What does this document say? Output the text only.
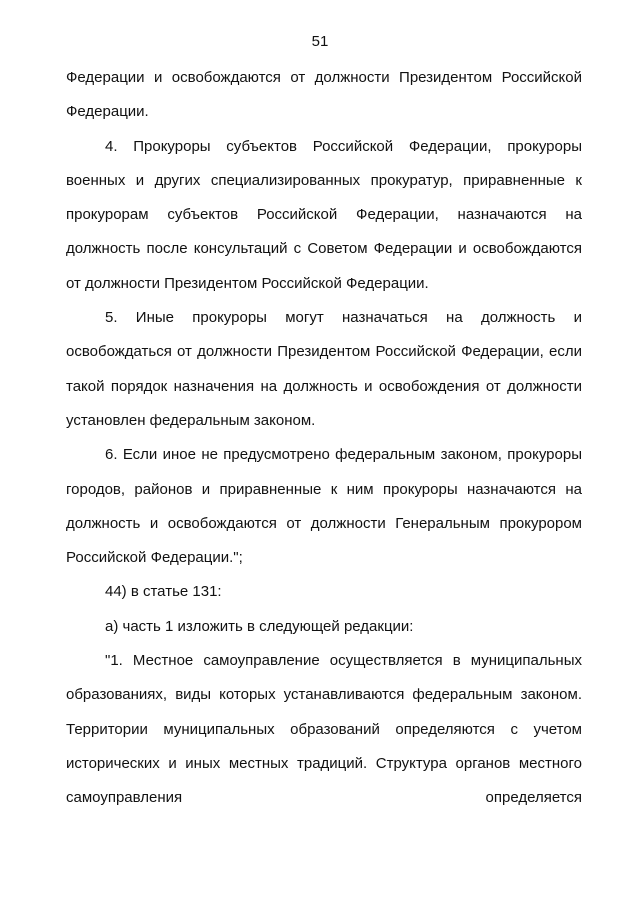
51

Федерации и освобождаются от должности Президентом Российской Федерации.

4. Прокуроры субъектов Российской Федерации, прокуроры военных и других специализированных прокуратур, приравненные к прокурорам субъектов Российской Федерации, назначаются на должность после консультаций с Советом Федерации и освобождаются от должности Президентом Российской Федерации.

5. Иные прокуроры могут назначаться на должность и освобождаться от должности Президентом Российской Федерации, если такой порядок назначения на должность и освобождения от должности установлен федеральным законом.

6. Если иное не предусмотрено федеральным законом, прокуроры городов, районов и приравненные к ним прокуроры назначаются на должность и освобождаются от должности Генеральным прокурором Российской Федерации.";

44) в статье 131:

а) часть 1 изложить в следующей редакции:

"1. Местное самоуправление осуществляется в муниципальных образованиях, виды которых устанавливаются федеральным законом. Территории муниципальных образований определяются с учетом исторических и иных местных традиций. Структура органов местного самоуправления определяется
